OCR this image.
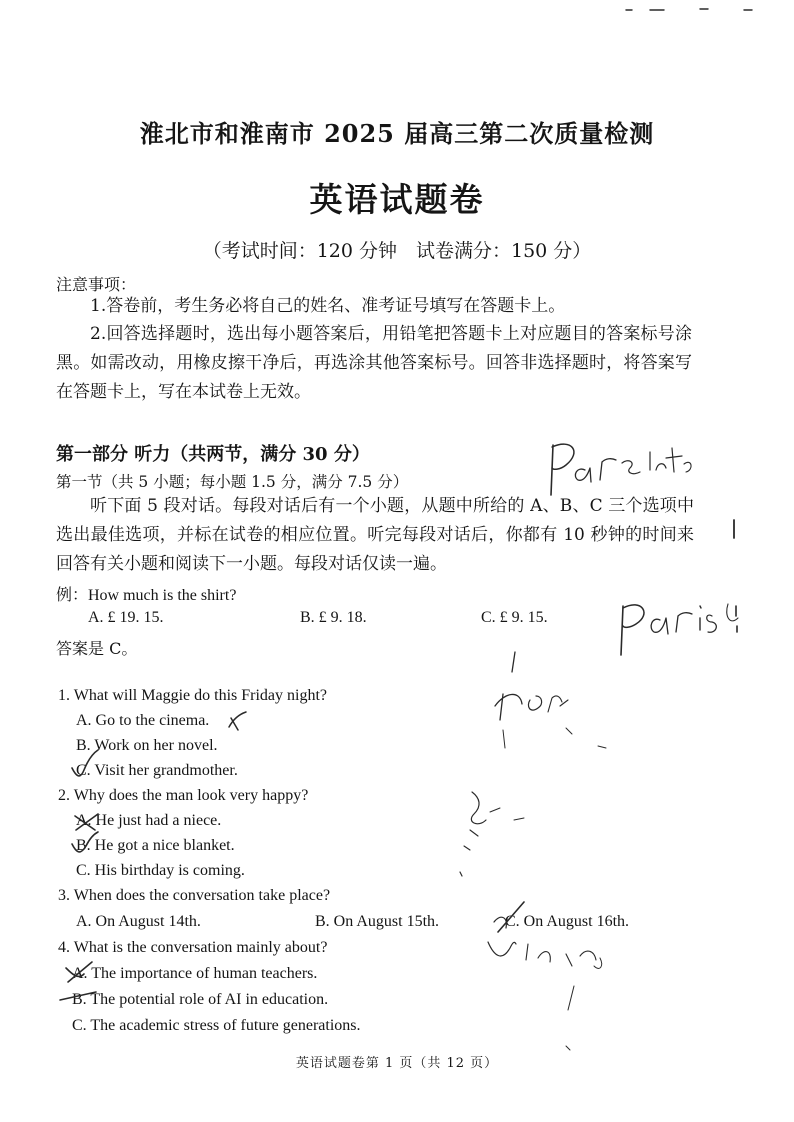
淮北市和淮南市 2025 届高三第二次质量检测
英语试题卷
（考试时间：120 分钟　试卷满分：150 分）
注意事项：
1.答卷前，考生务必将自己的姓名、准考证号填写在答题卡上。
2.回答选择题时，选出每小题答案后，用铅笔把答题卡上对应题目的答案标号涂黑。如需改动，用橡皮擦干净后，再选涂其他答案标号。回答非选择题时，将答案写在答题卡上，写在本试卷上无效。
第一部分 听力（共两节，满分 30 分）
第一节（共 5 小题；每小题 1.5 分，满分 7.5 分）
听下面 5 段对话。每段对话后有一个小题，从题中所给的 A、B、C 三个选项中选出最佳选项，并标在试卷的相应位置。听完每段对话后，你都有 10 秒钟的时间来回答有关小题和阅读下一小题。每段对话仅读一遍。
例：How much is the shirt?
A. £ 19. 15.	B. £ 9. 18.	C. £ 9. 15.
答案是 C。
1. What will Maggie do this Friday night?
A. Go to the cinema.
B. Work on her novel.
C. Visit her grandmother.
2. Why does the man look very happy?
A. He just had a niece.
B. He got a nice blanket.
C. His birthday is coming.
3. When does the conversation take place?
A. On August 14th.	B. On August 15th.	C. On August 16th.
4. What is the conversation mainly about?
A. The importance of human teachers.
B. The potential role of AI in education.
C. The academic stress of future generations.
英语试题卷第 1 页（共 12 页）
